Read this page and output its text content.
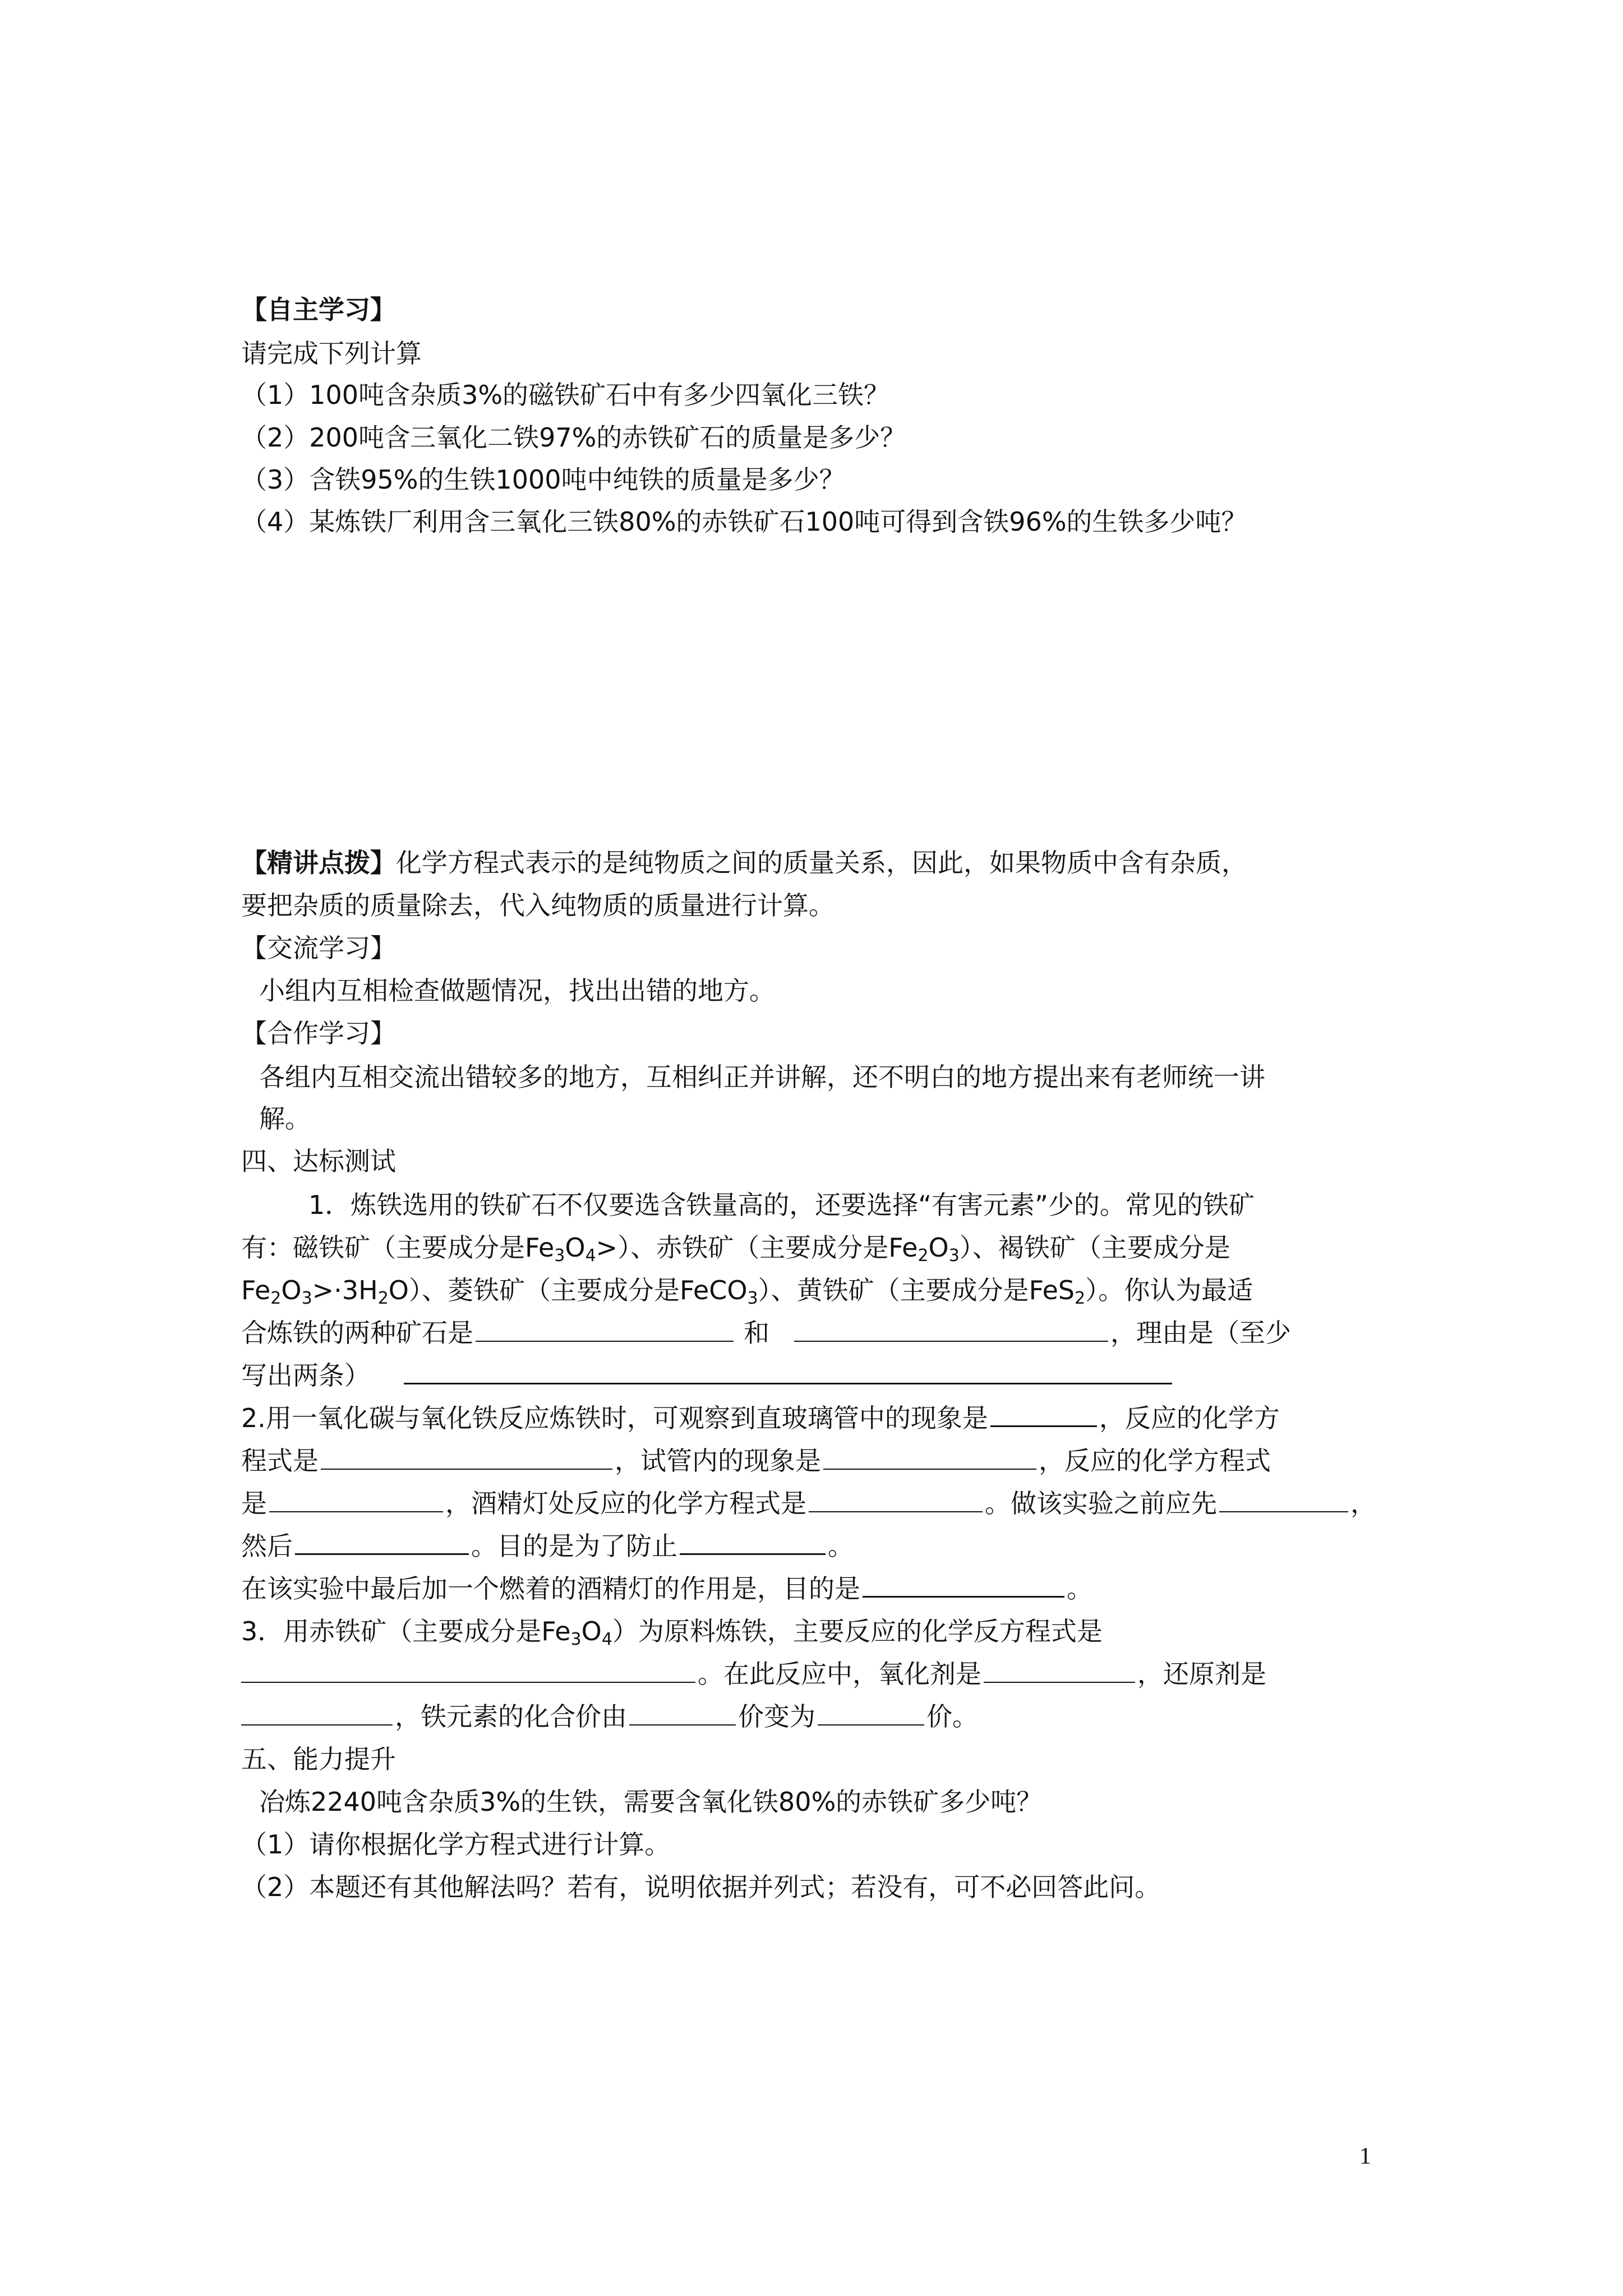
【自主学习】
请完成下列计算
（1）100吨含杂质3%的磁铁矿石中有多少四氧化三铁？
（2）200吨含三氧化二铁97%的赤铁矿石的质量是多少？
（3）含铁95%的生铁1000吨中纯铁的质量是多少？
（4）某炼铁厂利用含三氧化三铁80%的赤铁矿石100吨可得到含铁96%的生铁多少吨？
【精讲点拨】化学方程式表示的是纯物质之间的质量关系，因此，如果物质中含有杂质，
要把杂质的质量除去，代入纯物质的质量进行计算。
【交流学习】
小组内互相检查做题情况，找出出错的地方。
【合作学习】
各组内互相交流出错较多的地方，互相纠正并讲解，还不明白的地方提出来有老师统一讲
解。
四、达标测试
1．炼铁选用的铁矿石不仅要选含铁量高的，还要选择“有害元素”少的。常见的铁矿
有：磁铁矿（主要成分是$Fe_3O_4>$）、赤铁矿（主要成分是$Fe_2O_3$）、褐铁矿（主要成分是
$Fe_2O_3>\cdot 3H_2O$）、菱铁矿（主要成分是FeCO$_3$）、黄铁矿（主要成分是FeS$_2$）。你认为最适
合炼铁的两种矿石是	和	，理由是（至少
写出两条）
2.用一氧化碳与氧化铁反应炼铁时，可观察到直玻璃管中的现象是	，反应的化学方
程式是	，试管内的现象是	，反应的化学方程式
是	，酒精灯处反应的化学方程式是	。做该实验之前应先	，
然后	。目的是为了防止	。
在该实验中最后加一个燃着的酒精灯的作用是，目的是	。
3．用赤铁矿（主要成分是$Fe_3O_4$）为原料炼铁，主要反应的化学反方程式是
。在此反应中，氧化剂是	，还原剂是
，铁元素的化合价由	价变为	价。
五、能力提升
冶炼2240吨含杂质3%的生铁，需要含氧化铁80%的赤铁矿多少吨？
（1）请你根据化学方程式进行计算。
（2）本题还有其他解法吗？若有，说明依据并列式；若没有，可不必回答此问。
1
